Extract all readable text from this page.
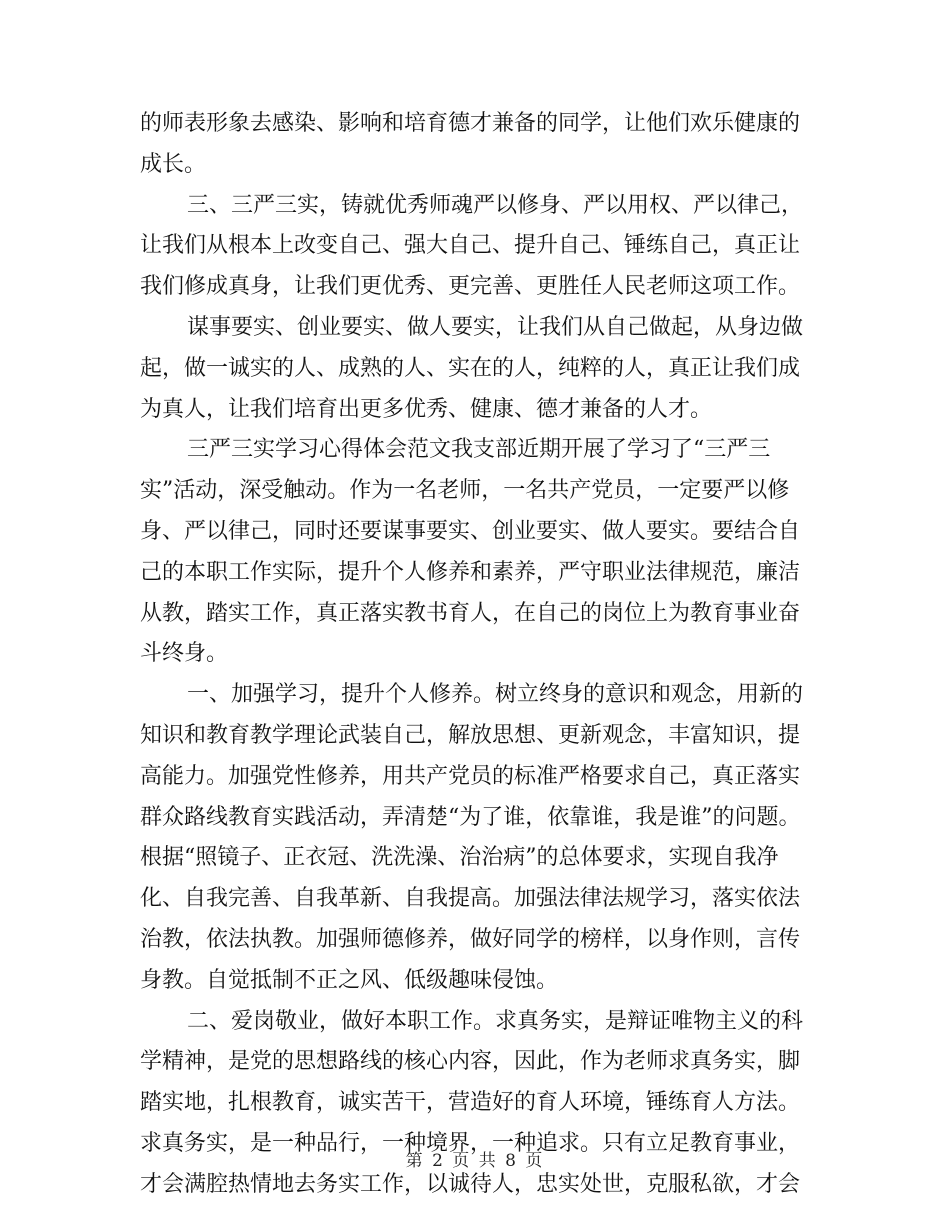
的师表形象去感染、影响和培育德才兼备的同学，让他们欢乐健康的
成长。
三、三严三实，铸就优秀师魂严以修身、严以用权、严以律己，
让我们从根本上改变自己、强大自己、提升自己、锤练自己，真正让
我们修成真身，让我们更优秀、更完善、更胜任人民老师这项工作。
谋事要实、创业要实、做人要实，让我们从自己做起，从身边做
起，做一诚实的人、成熟的人、实在的人，纯粹的人，真正让我们成
为真人，让我们培育出更多优秀、健康、德才兼备的人才。
三严三实学习心得体会范文我支部近期开展了学习了“三严三
实”活动，深受触动。作为一名老师，一名共产党员，一定要严以修
身、严以律己，同时还要谋事要实、创业要实、做人要实。要结合自
己的本职工作实际，提升个人修养和素养，严守职业法律规范，廉洁
从教，踏实工作，真正落实教书育人，在自己的岗位上为教育事业奋
斗终身。
一、加强学习，提升个人修养。树立终身的意识和观念，用新的
知识和教育教学理论武装自己，解放思想、更新观念，丰富知识，提
高能力。加强党性修养，用共产党员的标准严格要求自己，真正落实
群众路线教育实践活动，弄清楚“为了谁，依靠谁，我是谁”的问题。
根据“照镜子、正衣冠、洗洗澡、治治病”的总体要求，实现自我净
化、自我完善、自我革新、自我提高。加强法律法规学习，落实依法
治教，依法执教。加强师德修养，做好同学的榜样，以身作则，言传
身教。自觉抵制不正之风、低级趣味侵蚀。
二、爱岗敬业，做好本职工作。求真务实，是辩证唯物主义的科
学精神，是党的思想路线的核心内容，因此，作为老师求真务实，脚
踏实地，扎根教育，诚实苦干，营造好的育人环境，锤练育人方法。
求真务实，是一种品行，一种境界，一种追求。只有立足教育事业，
才会满腔热情地去务实工作，以诚待人，忠实处世，克服私欲，才会
第 2 页 共 8 页
